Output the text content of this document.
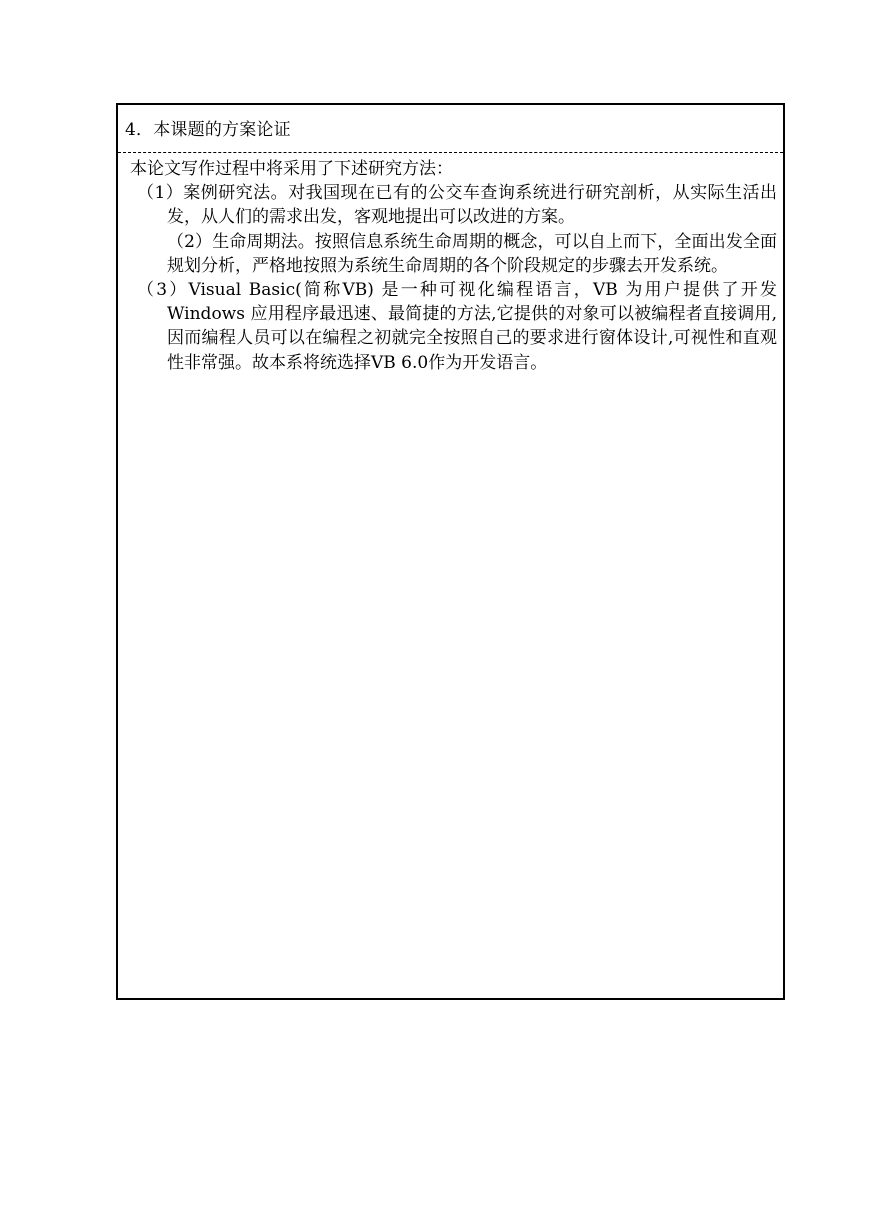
4．本课题的方案论证
本论文写作过程中将采用了下述研究方法：
（1）案例研究法。对我国现在已有的公交车查询系统进行研究剖析，从实际生活出发，从人们的需求出发，客观地提出可以改进的方案。
（2）生命周期法。按照信息系统生命周期的概念，可以自上而下，全面出发全面规划分析，严格地按照为系统生命周期的各个阶段规定的步骤去开发系统。
（3）Visual Basic(简称VB) 是一种可视化编程语言，VB 为用户提供了开发Windows 应用程序最迅速、最简捷的方法,它提供的对象可以被编程者直接调用,因而编程人员可以在编程之初就完全按照自己的要求进行窗体设计,可视性和直观性非常强。故本系将统选择VB 6.0作为开发语言。
